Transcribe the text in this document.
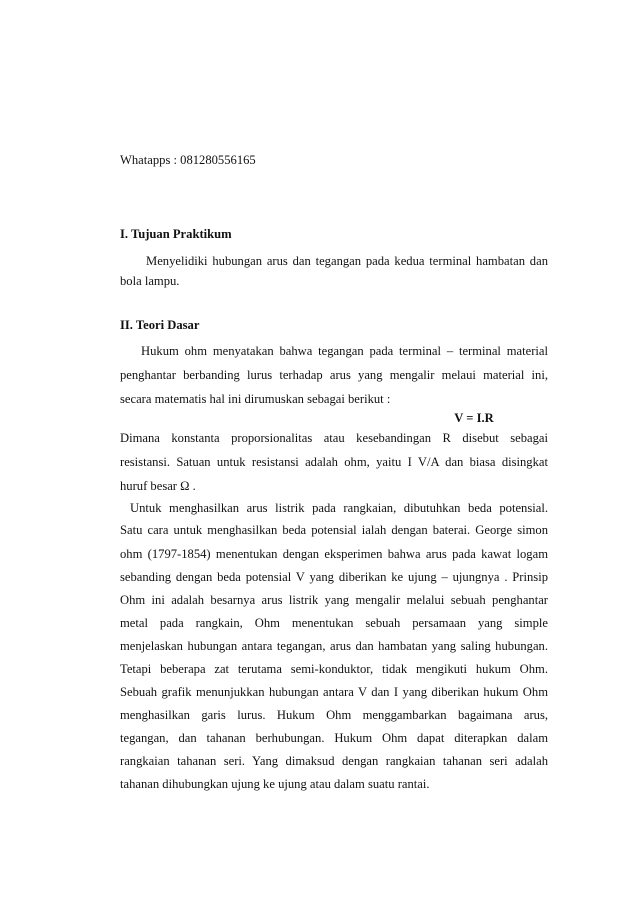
Whatapps : 081280556165
I. Tujuan Praktikum
Menyelidiki hubungan arus dan tegangan pada kedua terminal hambatan dan
bola lampu.
II. Teori Dasar
Hukum ohm menyatakan bahwa tegangan pada terminal – terminal material
penghantar berbanding lurus terhadap arus yang mengalir melaui material ini,
secara matematis hal ini dirumuskan sebagai berikut :
V = I.R
Dimana konstanta proporsionalitas atau kesebandingan R disebut sebagai
resistansi. Satuan untuk resistansi adalah ohm, yaitu I V/A dan biasa disingkat
huruf besar Ω .
Untuk menghasilkan arus listrik pada rangkaian, dibutuhkan beda potensial.
Satu cara untuk menghasilkan beda potensial ialah dengan baterai. George simon
ohm (1797-1854) menentukan dengan eksperimen bahwa arus pada kawat logam
sebanding dengan beda potensial V yang diberikan ke ujung – ujungnya . Prinsip
Ohm ini adalah besarnya arus listrik yang mengalir melalui sebuah penghantar
metal pada rangkain, Ohm menentukan sebuah persamaan yang simple
menjelaskan hubungan antara tegangan, arus dan hambatan yang saling hubungan.
Tetapi beberapa zat terutama semi-konduktor, tidak mengikuti hukum Ohm.
Sebuah grafik menunjukkan hubungan antara V dan I yang diberikan hukum Ohm
menghasilkan garis lurus. Hukum Ohm menggambarkan bagaimana arus,
tegangan, dan tahanan berhubungan. Hukum Ohm dapat diterapkan dalam
rangkaian tahanan seri. Yang dimaksud dengan rangkaian tahanan seri adalah
tahanan dihubungkan ujung ke ujung atau dalam suatu rantai.
